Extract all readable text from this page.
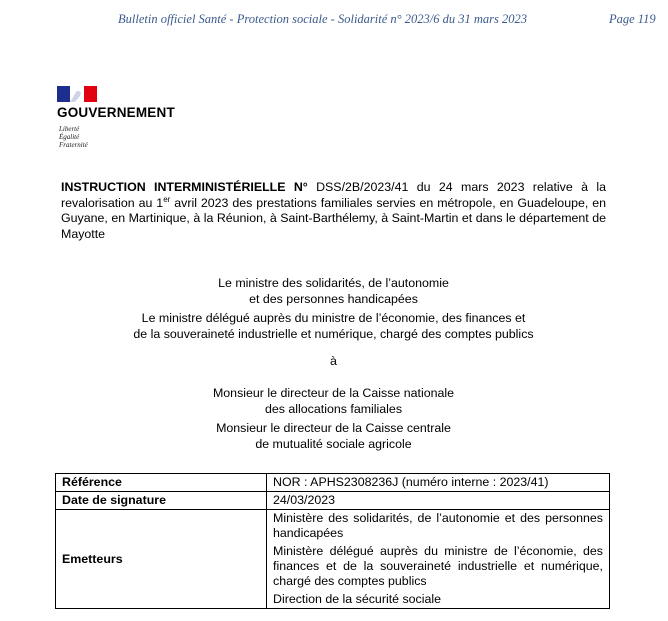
Bulletin officiel Santé - Protection sociale - Solidarité n° 2023/6 du 31 mars 2023	Page 119
GOUVERNEMENT
Liberté
Égalité
Fraternité
INSTRUCTION INTERMINISTÉRIELLE N° DSS/2B/2023/41 du 24 mars 2023 relative à la revalorisation au 1er avril 2023 des prestations familiales servies en métropole, en Guadeloupe, en Guyane, en Martinique, à la Réunion, à Saint-Barthélemy, à Saint-Martin et dans le département de Mayotte
Le ministre des solidarités, de l’autonomie
et des personnes handicapées
Le ministre délégué auprès du ministre de l’économie, des finances et
de la souveraineté industrielle et numérique, chargé des comptes publics
à
Monsieur le directeur de la Caisse nationale
des allocations familiales
Monsieur le directeur de la Caisse centrale
de mutualité sociale agricole
Référence	NOR : APHS2308236J (numéro interne : 2023/41)
Date de signature	24/03/2023
Emetteurs	Ministère des solidarités, de l’autonomie et des personnes handicapées
Ministère délégué auprès du ministre de l’économie, des finances et de la souveraineté industrielle et numérique, chargé des comptes publics
Direction de la sécurité sociale
